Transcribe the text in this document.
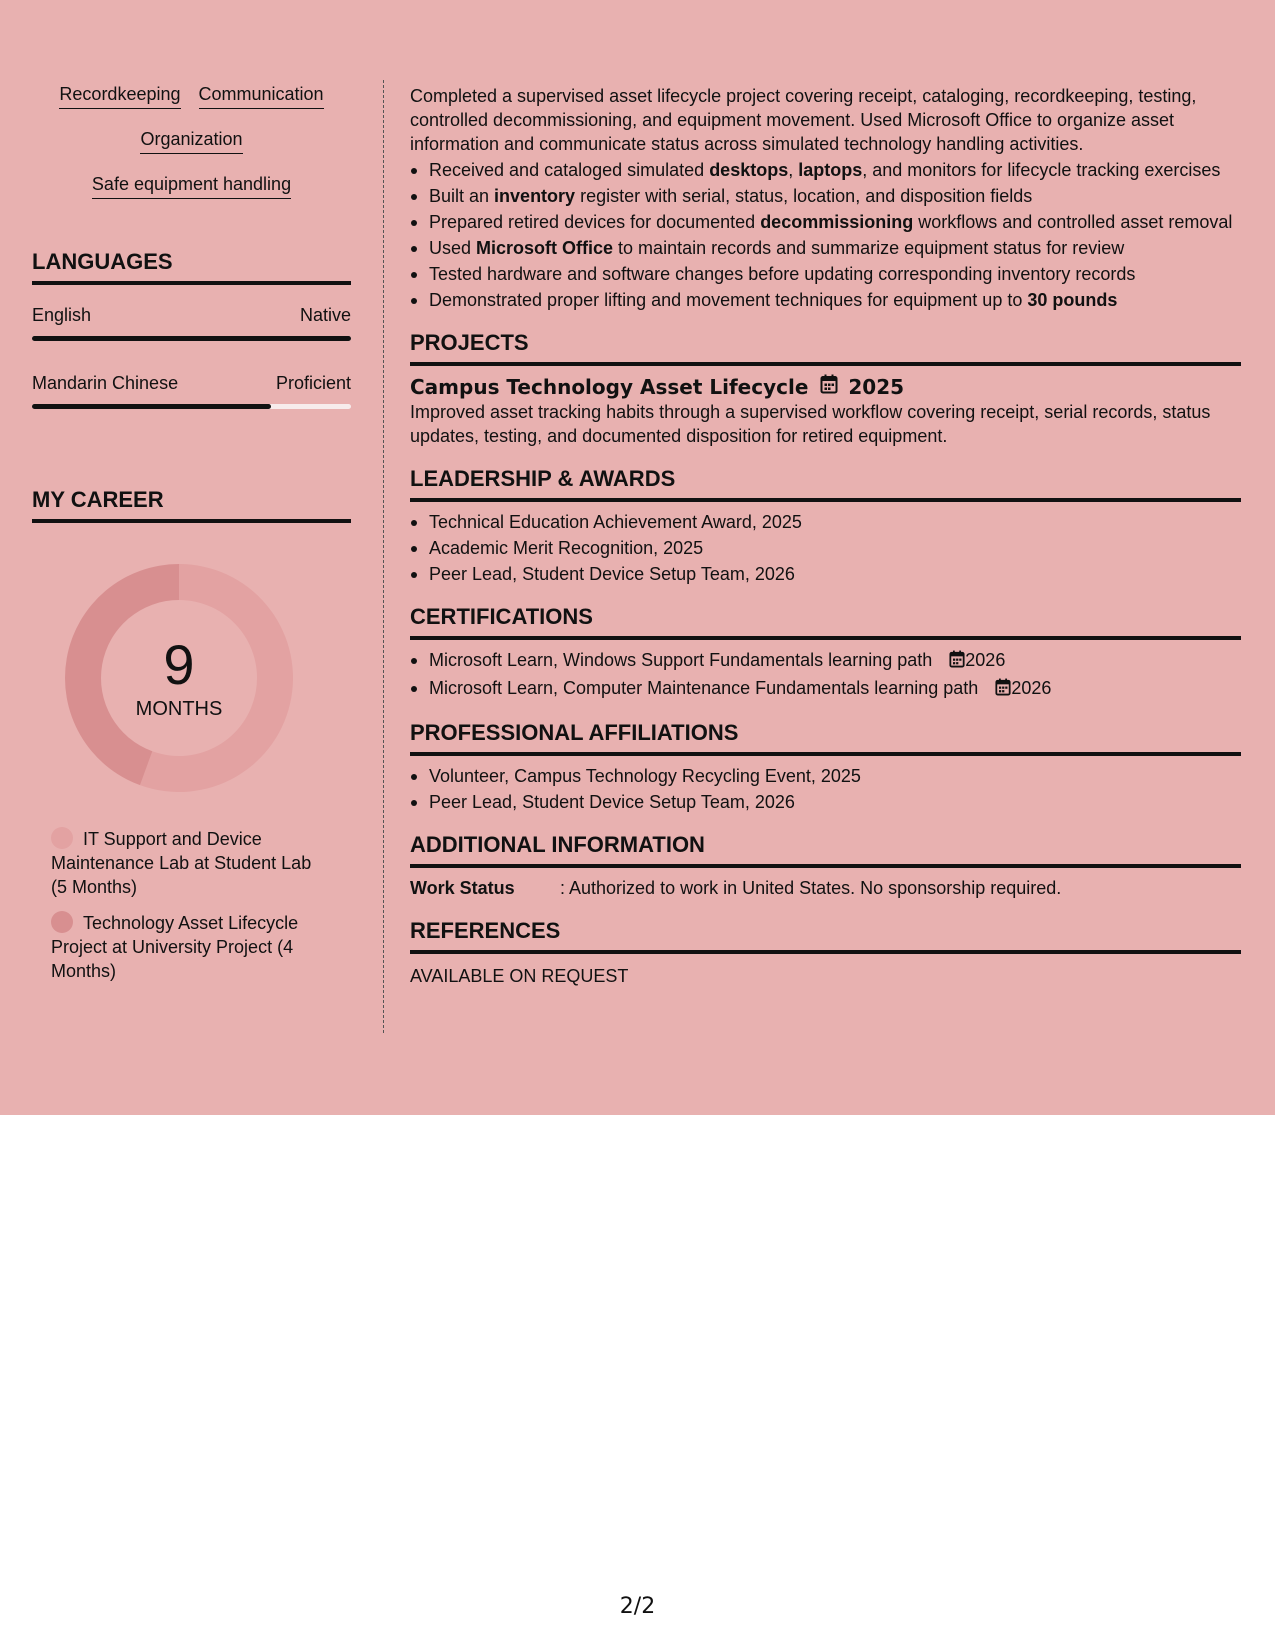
Recordkeeping Communication
Organization
Safe equipment handling
LANGUAGES
English	Native
Mandarin Chinese	Proficient
MY CAREER
9
MONTHS
IT Support and Device Maintenance Lab at Student Lab (5 Months)
Technology Asset Lifecycle Project at University Project (4 Months)
Completed a supervised asset lifecycle project covering receipt, cataloging, recordkeeping, testing, controlled decommissioning, and equipment movement. Used Microsoft Office to organize asset information and communicate status across simulated technology handling activities.
Received and cataloged simulated desktops, laptops, and monitors for lifecycle tracking exercises
Built an inventory register with serial, status, location, and disposition fields
Prepared retired devices for documented decommissioning workflows and controlled asset removal
Used Microsoft Office to maintain records and summarize equipment status for review
Tested hardware and software changes before updating corresponding inventory records
Demonstrated proper lifting and movement techniques for equipment up to 30 pounds
PROJECTS
Campus Technology Asset Lifecycle 2025
Improved asset tracking habits through a supervised workflow covering receipt, serial records, status updates, testing, and documented disposition for retired equipment.
LEADERSHIP & AWARDS
Technical Education Achievement Award, 2025
Academic Merit Recognition, 2025
Peer Lead, Student Device Setup Team, 2026
CERTIFICATIONS
Microsoft Learn, Windows Support Fundamentals learning path 2026
Microsoft Learn, Computer Maintenance Fundamentals learning path 2026
PROFESSIONAL AFFILIATIONS
Volunteer, Campus Technology Recycling Event, 2025
Peer Lead, Student Device Setup Team, 2026
ADDITIONAL INFORMATION
Work Status	: Authorized to work in United States. No sponsorship required.
REFERENCES
AVAILABLE ON REQUEST
2/2
